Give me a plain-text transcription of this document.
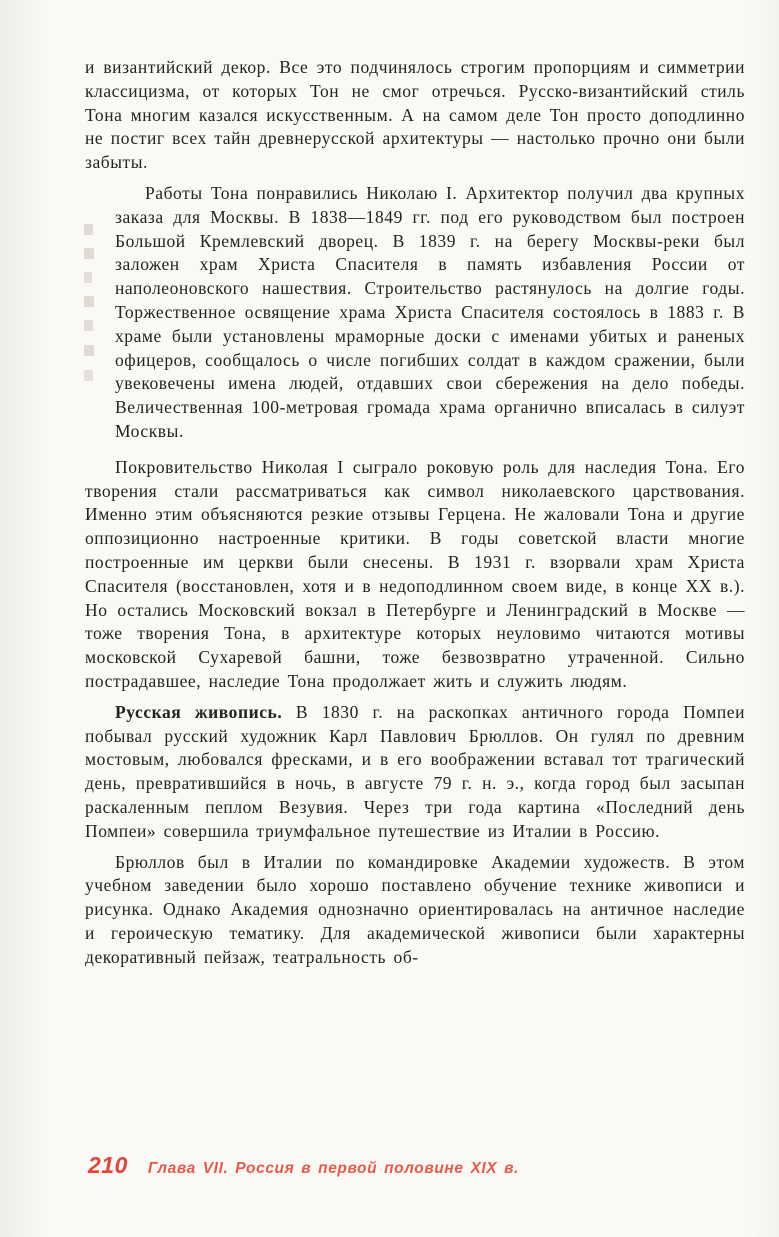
и византийский декор. Все это подчинялось строгим пропорциям и симметрии классицизма, от которых Тон не смог отречься. Русско-византийский стиль Тона многим казался искусственным. А на самом деле Тон просто доподлинно не постиг всех тайн древнерусской архитектуры — настолько прочно они были забыты.

Работы Тона понравились Николаю I. Архитектор получил два крупных заказа для Москвы. В 1838—1849 гг. под его руководством был построен Большой Кремлевский дворец. В 1839 г. на берегу Москвы-реки был заложен храм Христа Спасителя в память избавления России от наполеоновского нашествия. Строительство растянулось на долгие годы. Торжественное освящение храма Христа Спасителя состоялось в 1883 г. В храме были установлены мраморные доски с именами убитых и раненых офицеров, сообщалось о числе погибших солдат в каждом сражении, были увековечены имена людей, отдавших свои сбережения на дело победы. Величественная 100-метровая громада храма органично вписалась в силуэт Москвы.

Покровительство Николая I сыграло роковую роль для наследия Тона. Его творения стали рассматриваться как символ николаевского царствования. Именно этим объясняются резкие отзывы Герцена. Не жаловали Тона и другие оппозиционно настроенные критики. В годы советской власти многие построенные им церкви были снесены. В 1931 г. взорвали храм Христа Спасителя (восстановлен, хотя и в недоподлинном своем виде, в конце XX в.). Но остались Московский вокзал в Петербурге и Ленинградский в Москве — тоже творения Тона, в архитектуре которых неуловимо читаются мотивы московской Сухаревой башни, тоже безвозвратно утраченной. Сильно пострадавшее, наследие Тона продолжает жить и служить людям.

Русская живопись. В 1830 г. на раскопках античного города Помпеи побывал русский художник Карл Павлович Брюллов. Он гулял по древним мостовым, любовался фресками, и в его воображении вставал тот трагический день, превратившийся в ночь, в августе 79 г. н. э., когда город был засыпан раскаленным пеплом Везувия. Через три года картина «Последний день Помпеи» совершила триумфальное путешествие из Италии в Россию.

Брюллов был в Италии по командировке Академии художеств. В этом учебном заведении было хорошо поставлено обучение технике живописи и рисунка. Однако Академия однозначно ориентировалась на античное наследие и героическую тематику. Для академической живописи были характерны декоративный пейзаж, театральность об-

210 Глава VII. Россия в первой половине XIX в.
